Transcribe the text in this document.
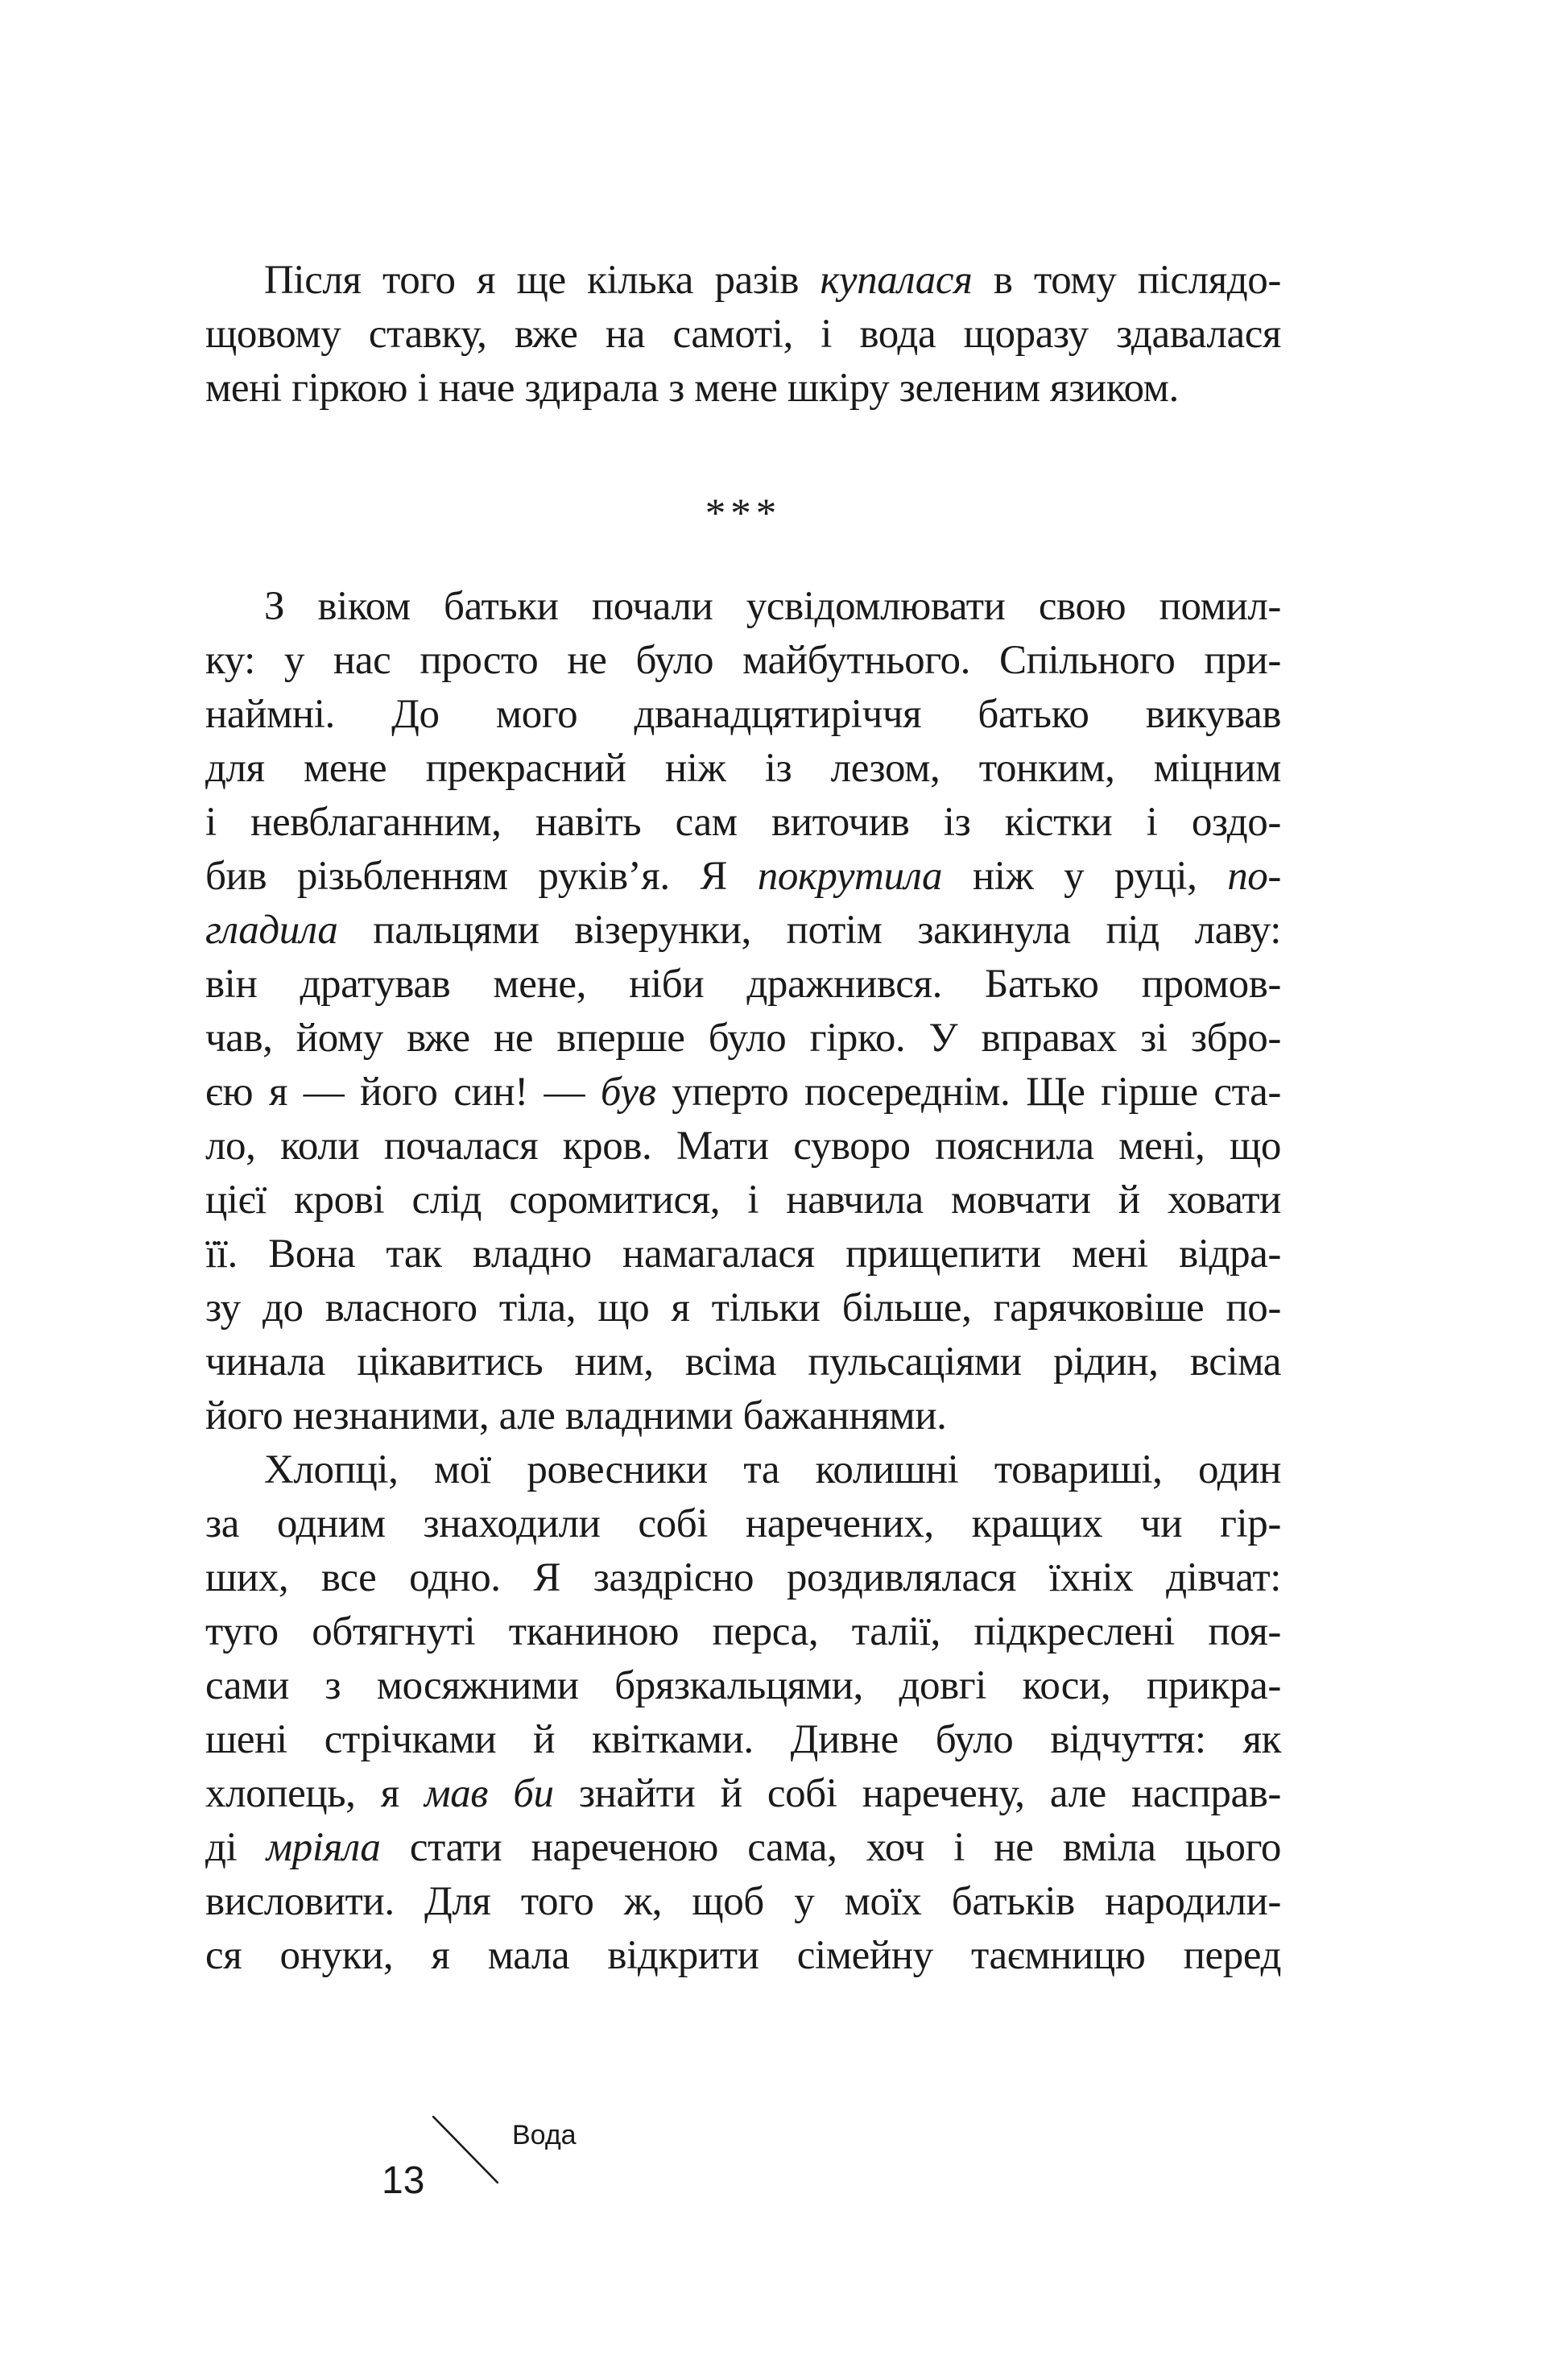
Після того я ще кілька разів купалася в тому післядо-
щовому ставку, вже на самоті, і вода щоразу здавалася
мені гіркою і наче здирала з мене шкіру зеленим язиком.
***
З віком батьки почали усвідомлювати свою помил-
ку: у нас просто не було майбутнього. Спільного при-
наймні. До мого дванадцятиріччя батько викував
для мене прекрасний ніж із лезом, тонким, міцним
і невблаганним, навіть сам виточив із кістки і оздо-
бив різьбленням руків’я. Я покрутила ніж у руці, по-
гладила пальцями візерунки, потім закинула під лаву:
він дратував мене, ніби дражнився. Батько промов-
чав, йому вже не вперше було гірко. У вправах зі збро-
єю я — його син! — був уперто посереднім. Ще гірше ста-
ло, коли почалася кров. Мати суворо пояснила мені, що
цієї крові слід соромитися, і навчила мовчати й ховати
її. Вона так владно намагалася прищепити мені відра-
зу до власного тіла, що я тільки більше, гарячковіше по-
чинала цікавитись ним, всіма пульсаціями рідин, всіма
його незнаними, але владними бажаннями.
Хлопці, мої ровесники та колишні товариші, один
за одним знаходили собі наречених, кращих чи гір-
ших, все одно. Я заздрісно роздивлялася їхніх дівчат:
туго обтягнуті тканиною перса, талії, підкреслені поя-
сами з мосяжними брязкальцями, довгі коси, прикра-
шені стрічками й квітками. Дивне було відчуття: як
хлопець, я мав би знайти й собі наречену, але насправ-
ді мріяла стати нареченою сама, хоч і не вміла цього
висловити. Для того ж, щоб у моїх батьків народили-
ся онуки, я мала відкрити сімейну таємницю перед
13
Вода
